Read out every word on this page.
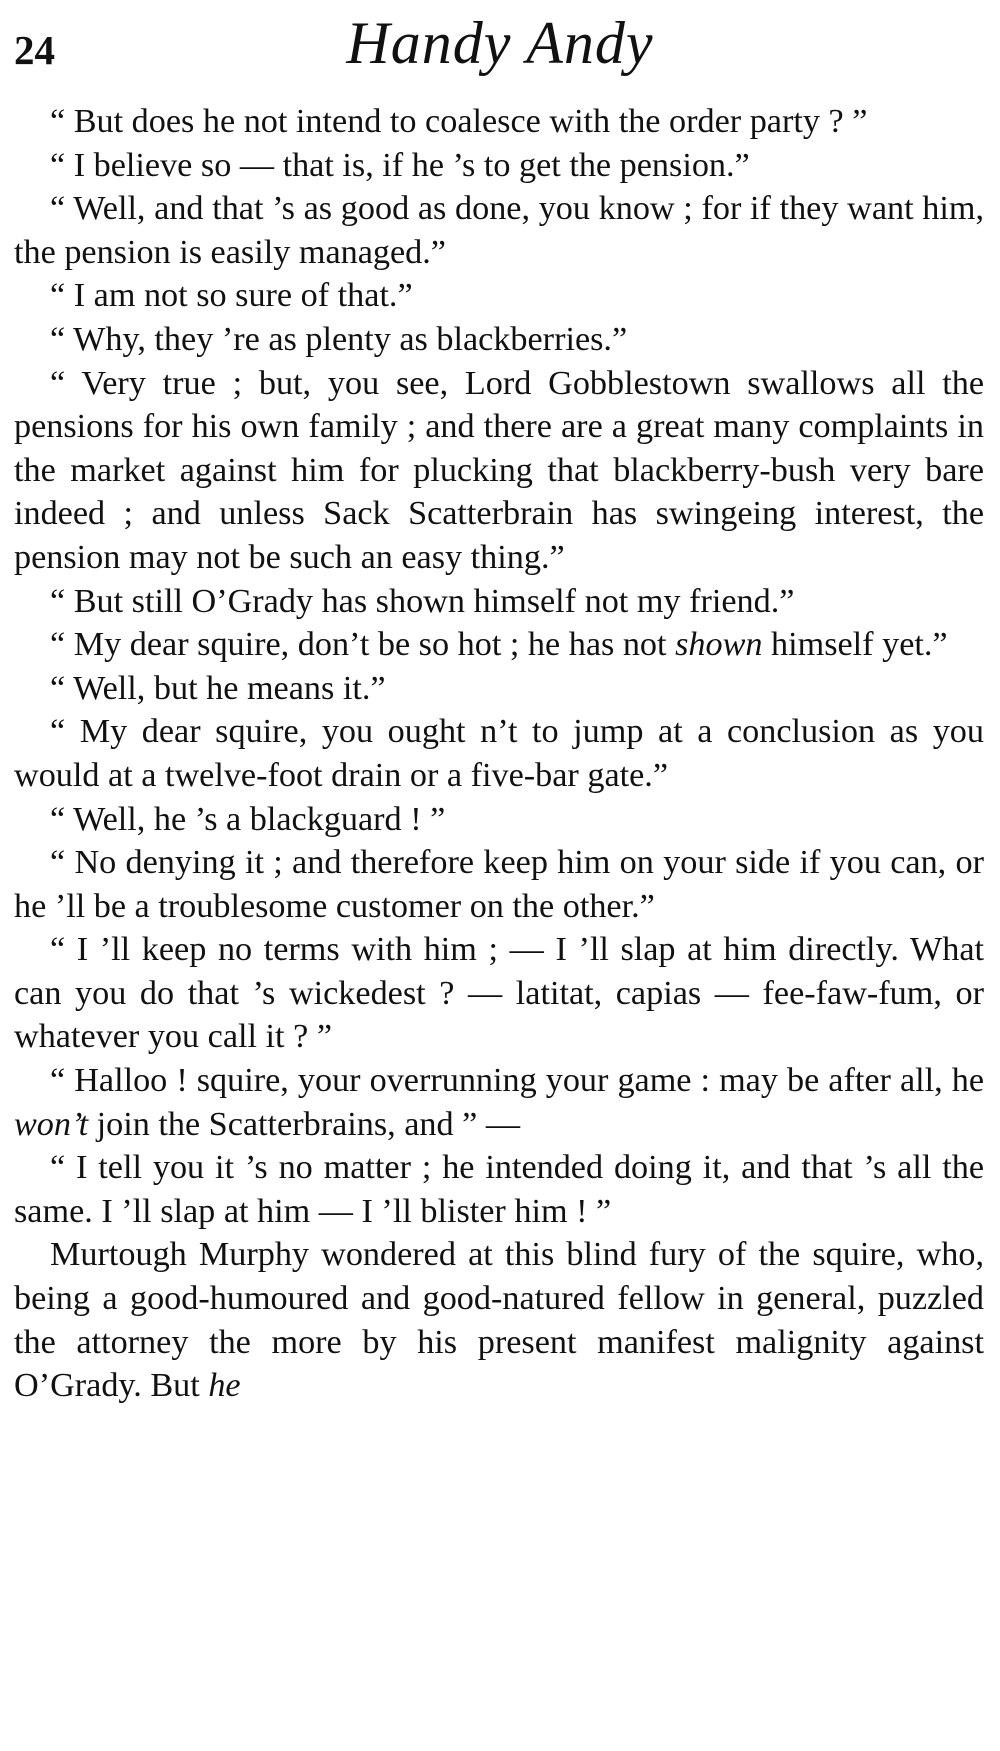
24	Handy Andy

“ But does he not intend to coalesce with the order party ? ”

“ I believe so — that is, if he ’s to get the pension.”

“ Well, and that ’s as good as done, you know ; for if they want him, the pension is easily managed.”

“ I am not so sure of that.”

“ Why, they ’re as plenty as blackberries.”

“ Very true ; but, you see, Lord Gobblestown swallows all the pensions for his own family ; and there are a great many complaints in the market against him for plucking that blackberry-bush very bare indeed ; and unless Sack Scatterbrain has swingeing interest, the pension may not be such an easy thing.”

“ But still O’Grady has shown himself not my friend.”

“ My dear squire, don’t be so hot ; he has not shown himself yet.”

“ Well, but he means it.”

“ My dear squire, you ought n’t to jump at a conclusion as you would at a twelve-foot drain or a five-bar gate.”

“ Well, he ’s a blackguard ! ”

“ No denying it ; and therefore keep him on your side if you can, or he ’ll be a troublesome customer on the other.”

“ I ’ll keep no terms with him ; — I ’ll slap at him directly. What can you do that ’s wickedest ? — latitat, capias — fee-faw-fum, or whatever you call it ? ”

“ Halloo ! squire, your overrunning your game : may be after all, he won’t join the Scatterbrains, and ” —

“ I tell you it ’s no matter ; he intended doing it, and that ’s all the same. I ’ll slap at him — I ’ll blister him ! ”

Murtough Murphy wondered at this blind fury of the squire, who, being a good-humoured and good-natured fellow in general, puzzled the attorney the more by his present manifest malignity against O’Grady. But he
